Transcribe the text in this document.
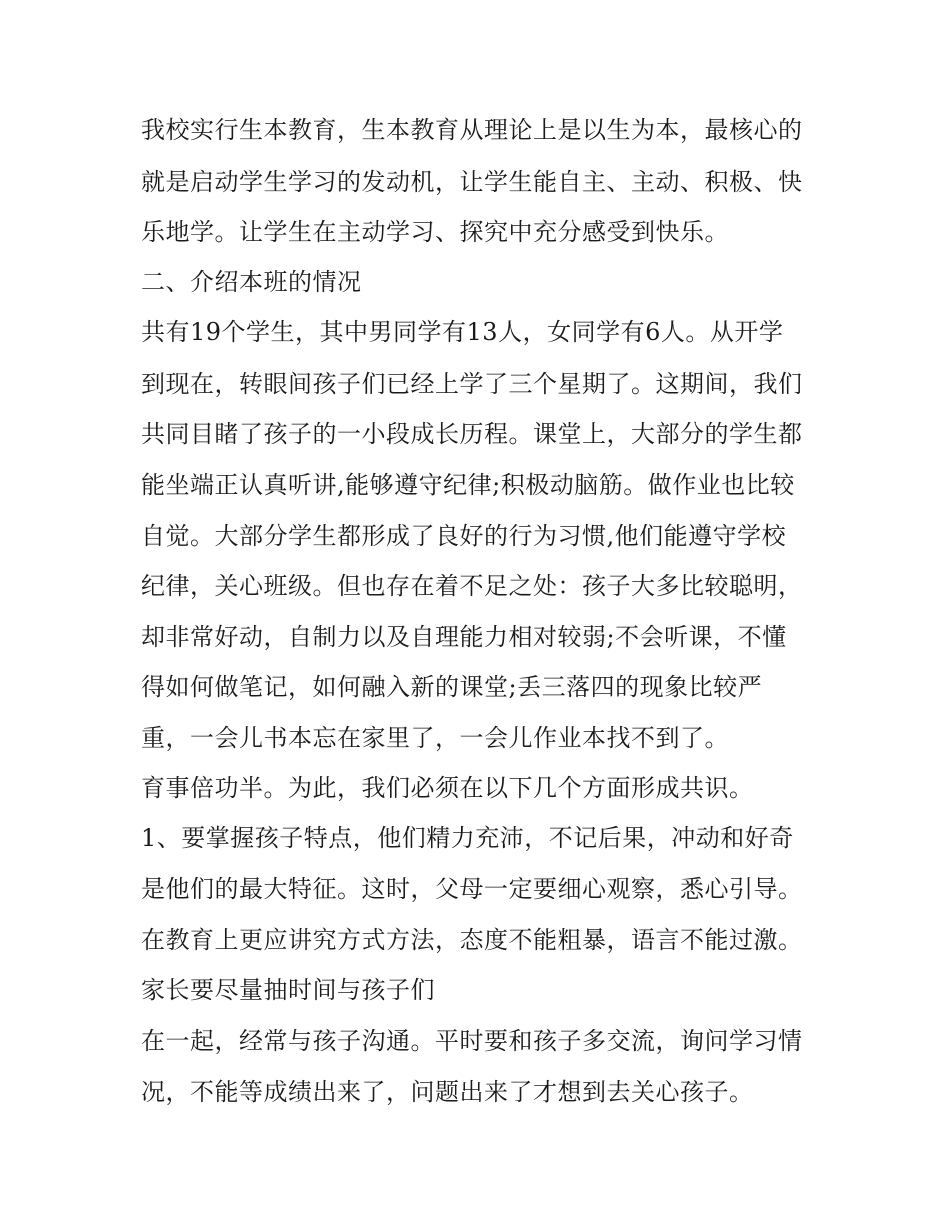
我校实行生本教育，生本教育从理论上是以生为本，最核心的
就是启动学生学习的发动机，让学生能自主、主动、积极、快
乐地学。让学生在主动学习、探究中充分感受到快乐。
二、介绍本班的情况
共有19个学生，其中男同学有13人，女同学有6人。从开学
到现在，转眼间孩子们已经上学了三个星期了。这期间，我们
共同目睹了孩子的一小段成长历程。课堂上，大部分的学生都
能坐端正认真听讲,能够遵守纪律;积极动脑筋。做作业也比较
自觉。大部分学生都形成了良好的行为习惯,他们能遵守学校
纪律，关心班级。但也存在着不足之处：孩子大多比较聪明，
却非常好动，自制力以及自理能力相对较弱;不会听课，不懂
得如何做笔记，如何融入新的课堂;丢三落四的现象比较严
重，一会儿书本忘在家里了，一会儿作业本找不到了。
育事倍功半。为此，我们必须在以下几个方面形成共识。
1、要掌握孩子特点，他们精力充沛，不记后果，冲动和好奇
是他们的最大特征。这时，父母一定要细心观察，悉心引导。
在教育上更应讲究方式方法，态度不能粗暴，语言不能过激。
家长要尽量抽时间与孩子们
在一起，经常与孩子沟通。平时要和孩子多交流，询问学习情
况，不能等成绩出来了，问题出来了才想到去关心孩子。
